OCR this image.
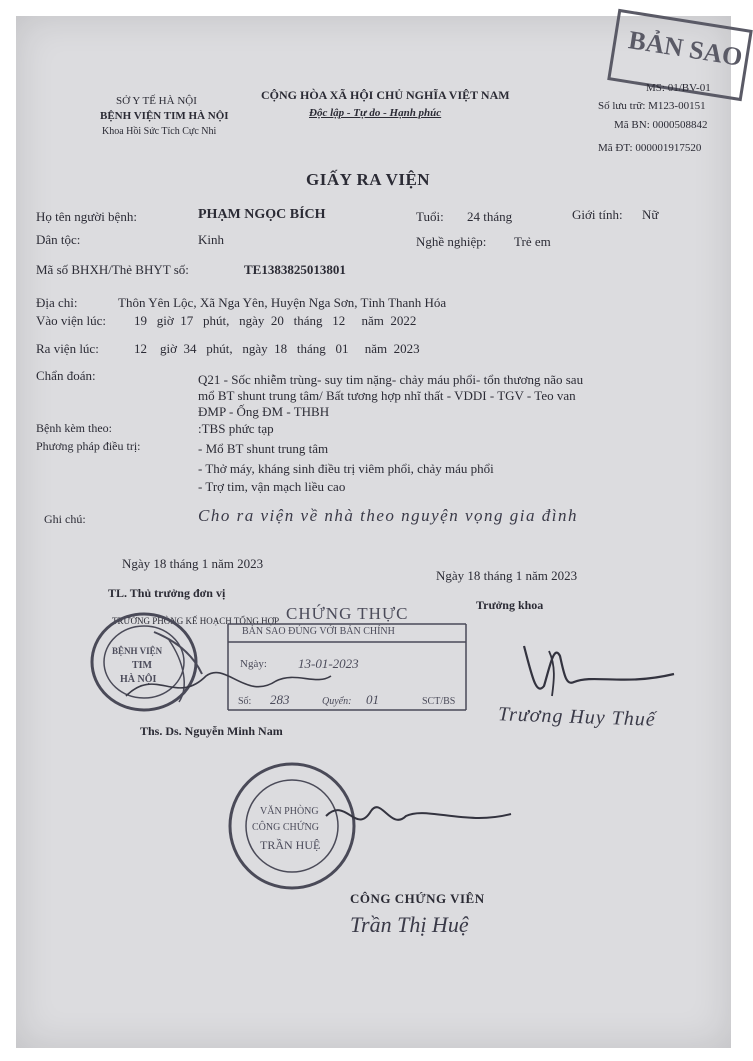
SỞ Y TẾ HÀ NỘI
BỆNH VIỆN TIM HÀ NỘI
Khoa Hồi Sức Tích Cực Nhi
CỘNG HÒA XÃ HỘI CHỦ NGHĨA VIỆT NAM
Độc lập - Tự do - Hạnh phúc
BẢN SAO
MS: 01/BV-01
Số lưu trữ: M123-00151
Mã BN: 0000508842
Mã ĐT: 000001917520
GIẤY RA VIỆN
Họ tên người bệnh:	PHẠM NGỌC BÍCH	Tuổi: 24 tháng	Giới tính: Nữ
Dân tộc:	Kinh	Nghề nghiệp: Trẻ em
Mã số BHXH/Thẻ BHYT số:	TE1383825013801
Địa chỉ:	Thôn Yên Lộc, Xã Nga Yên, Huyện Nga Sơn, Tỉnh Thanh Hóa
Vào viện lúc: 19   giờ  17   phút,   ngày  20   tháng   12     năm  2022
Ra viện lúc:	12    giờ  34   phút,   ngày  18   tháng   01     năm  2023
Chẩn đoán:	Q21 - Sốc nhiễm trùng- suy tim nặng- chảy máu phổi- tổn thương não sau
mổ BT shunt trung tâm/ Bất tương hợp nhĩ thất - VDDI - TGV - Teo van
ĐMP - Ống ĐM - THBH
Bệnh kèm theo:	:TBS phức tạp
Phương pháp điều trị:	- Mổ BT shunt trung tâm
- Thở máy, kháng sinh điều trị viêm phổi, chảy máu phổi
- Trợ tim, vận mạch liều cao
Ghi chú:	Cho ra viện về nhà theo nguyện vọng gia đình
Ngày 18 tháng 1 năm 2023
Ngày 18 tháng 1 năm 2023
TL. Thủ trưởng đơn vị
TRƯỞNG PHÒNG KẾ HOẠCH TỔNG HỢP
Trưởng khoa
BỆNH VIỆN
TIM
HÀ NỘI
CHỨNG THỰC
BẢN SAO ĐÚNG VỚI BẢN CHÍNH
Ngày: 13-01-2023
Số: 283	Quyển: 01	SCT/BS
Trương Huy Thuế
Ths. Ds. Nguyễn Minh Nam
VĂN PHÒNG
CÔNG CHỨNG
TRẦN HUỆ
CÔNG CHỨNG VIÊN
Trần Thị Huệ
